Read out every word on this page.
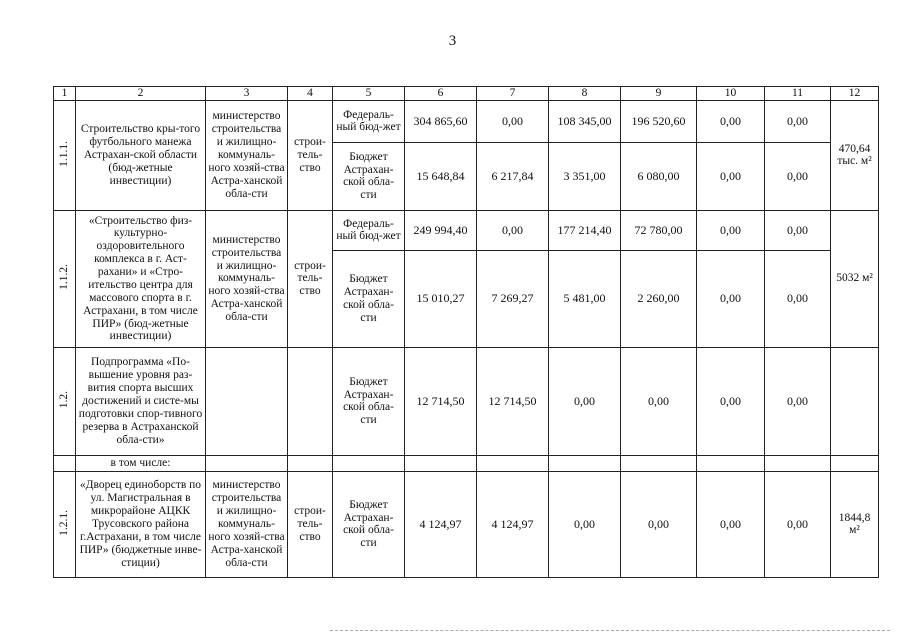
3
1	2	3	4	5	6	7	8	9	10	11	12
1.1.1.	Строительство кры-того футбольного манежа Астрахан-ской области (бюд-жетные инвестиции)	министерство строительства и жилищно-коммуналь-ного хозяй-ства Астра-ханской обла-сти	строи-тель-ство	Федераль-ный бюд-жет	304 865,60	0,00	108 345,00	196 520,60	0,00	0,00	470,64 тыс. м²
				Бюджет Астрахан-ской обла-сти	15 648,84	6 217,84	3 351,00	6 080,00	0,00	0,00	
1.1.2.	«Строительство физ-культурно-оздоровительного комплекса в г. Аст-рахани» и «Стро-ительство центра для массового спорта в г. Астрахани, в том числе ПИР» (бюд-жетные инвестиции)	министерство строительства и жилищно-коммуналь-ного хозяй-ства Астра-ханской обла-сти	строи-тель-ство	Федераль-ный бюд-жет	249 994,40	0,00	177 214,40	72 780,00	0,00	0,00	5032 м²
				Бюджет Астрахан-ской обла-сти	15 010,27	7 269,27	5 481,00	2 260,00	0,00	0,00	
1.2.	Подпрограмма «По-вышение уровня раз-вития спорта высших достижений и систе-мы подготовки спор-тивного резерва в Астраханской обла-сти»			Бюджет Астрахан-ской обла-сти	12 714,50	12 714,50	0,00	0,00	0,00	0,00	
	в том числе:										
1.2.1.	«Дворец единоборств по ул. Магистральная в микрорайоне АЦКК Трусовского района г.Астрахани, в том числе ПИР» (бюджетные инве-стиции)	министерство строительства и жилищно-коммуналь-ного хозяй-ства Астра-ханской обла-сти	строи-тель-ство	Бюджет Астрахан-ской обла-сти	4 124,97	4 124,97	0,00	0,00	0,00	0,00	1844,8 м²
